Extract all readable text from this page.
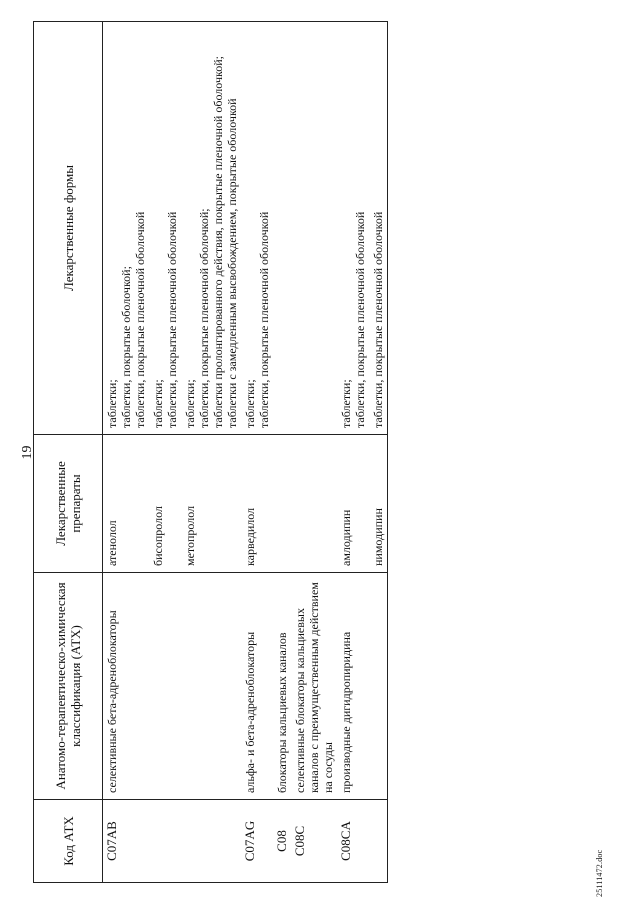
19
Код АТХ	Анатомо-терапевтическо-химическая классификация (АТХ)	Лекарственные препараты	Лекарственные формы
C07AB	селективные бета-адреноблокаторы	атенолол	таблетки; таблетки, покрытые оболочкой; таблетки, покрытые пленочной оболочкой

		бисопролол	таблетки; таблетки, покрытые пленочной оболочкой

		метопролол	таблетки; таблетки, покрытые пленочной оболочкой; таблетки пролонгированного действия, покрытые пленочной оболочкой; таблетки с замедленным высвобождением, покрытые оболочкой

C07AG	альфа- и бета-адреноблокаторы	карведилол	таблетки; таблетки, покрытые пленочной оболочкой

C08	блокаторы кальциевых каналов		
C08C	селективные блокаторы кальциевых каналов с преимущественным действием на сосуды		
C08CA	производные дигидропиридина	амлодипин	таблетки; таблетки, покрытые пленочной оболочкой

		нимодипин	таблетки, покрытые пленочной оболочкой
25111472.doc
